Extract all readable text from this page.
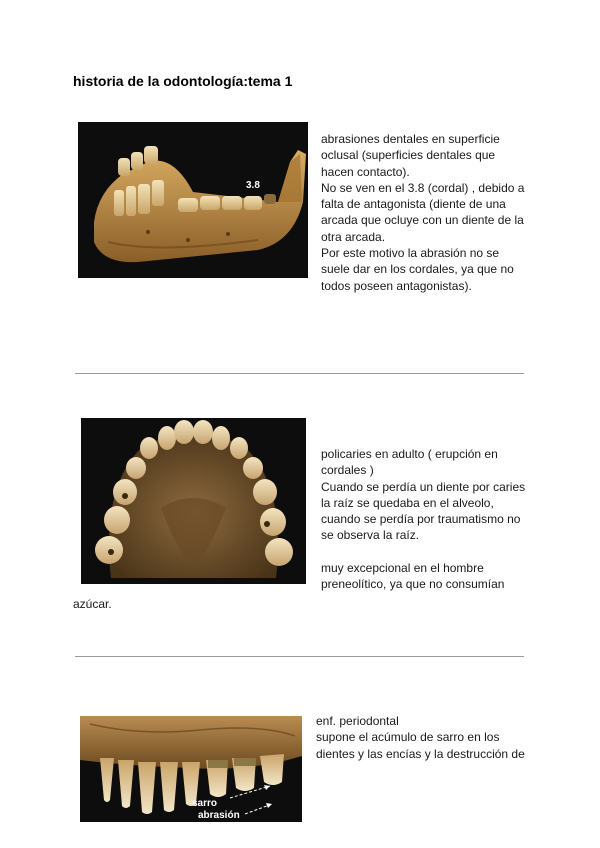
historia de la odontología:tema 1
3.8

abrasiones dentales en superficie

oclusal (superficies dentales que

hacen contacto).

No se ven en el 3.8 (cordal) , debido a

falta de antagonista (diente de una

arcada que ocluye con un diente de la

otra arcada.

Por este motivo la abrasión no se

suele dar en los cordales, ya que no

todos poseen antagonistas).

policaries en adulto ( erupción en

cordales )

Cuando se perdía un diente por caries

la raíz se quedaba en el alveolo,

cuando se perdía por traumatismo no

se observa la raíz.

muy excepcional en el hombre

preneolítico, ya que no consumían

azúcar.
sarro
abrasión

enf. periodontal

supone el acúmulo de sarro en los

dientes y las encías y la destrucción de
